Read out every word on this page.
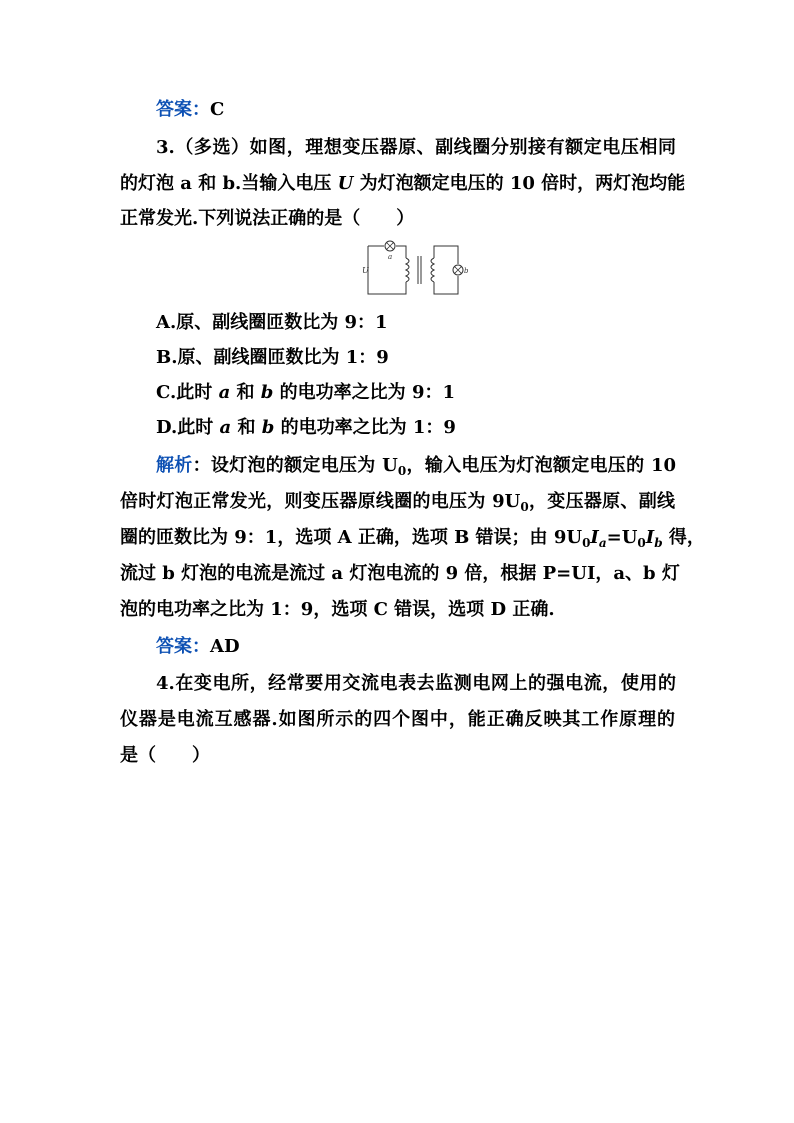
答案：C
3.（多选）如图，理想变压器原、副线圈分别接有额定电压相同
的灯泡 a 和 b.当输入电压 U 为灯泡额定电压的 10 倍时，两灯泡均能
正常发光.下列说法正确的是（　　）
U
a
b
A.原、副线圈匝数比为 9：1
B.原、副线圈匝数比为 1：9
C.此时 a 和 b 的电功率之比为 9：1
D.此时 a 和 b 的电功率之比为 1：9
解析：设灯泡的额定电压为 $U_0$，输入电压为灯泡额定电压的 10
倍时灯泡正常发光，则变压器原线圈的电压为 $9U_0$，变压器原、副线
圈的匝数比为 9：1，选项 A 正确，选项 B 错误；由 $9U_0I_a=U_0I_b$ 得，
流过 b 灯泡的电流是流过 a 灯泡电流的 9 倍，根据 P=UI，a、b 灯
泡的电功率之比为 1：9，选项 C 错误，选项 D 正确.
答案：AD
4.在变电所，经常要用交流电表去监测电网上的强电流，使用的
仪器是电流互感器.如图所示的四个图中，能正确反映其工作原理的
是（　　）
